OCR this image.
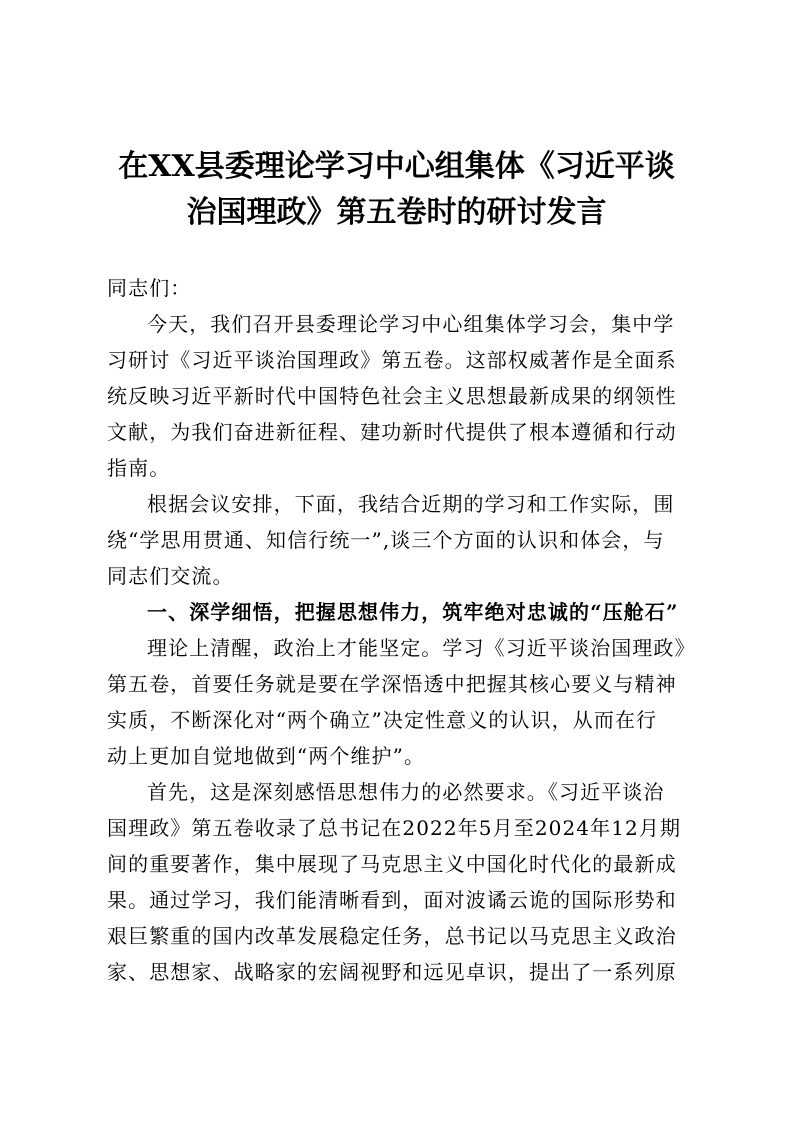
在XX县委理论学习中心组集体《习近平谈
治国理政》第五卷时的研讨发言
同志们：
今天，我们召开县委理论学习中心组集体学习会，集中学
习研讨《习近平谈治国理政》第五卷。这部权威著作是全面系
统反映习近平新时代中国特色社会主义思想最新成果的纲领性
文献，为我们奋进新征程、建功新时代提供了根本遵循和行动
指南。
根据会议安排，下面，我结合近期的学习和工作实际，围
绕“学思用贯通、知信行统一”,谈三个方面的认识和体会，与
同志们交流。
一、深学细悟，把握思想伟力，筑牢绝对忠诚的“压舱石”
理论上清醒，政治上才能坚定。学习《习近平谈治国理政》
第五卷，首要任务就是要在学深悟透中把握其核心要义与精神
实质，不断深化对“两个确立”决定性意义的认识，从而在行
动上更加自觉地做到“两个维护”。
首先，这是深刻感悟思想伟力的必然要求。《习近平谈治
国理政》第五卷收录了总书记在2022年5月至2024年12月期
间的重要著作，集中展现了马克思主义中国化时代化的最新成
果。通过学习，我们能清晰看到，面对波谲云诡的国际形势和
艰巨繁重的国内改革发展稳定任务，总书记以马克思主义政治
家、思想家、战略家的宏阔视野和远见卓识，提出了一系列原
